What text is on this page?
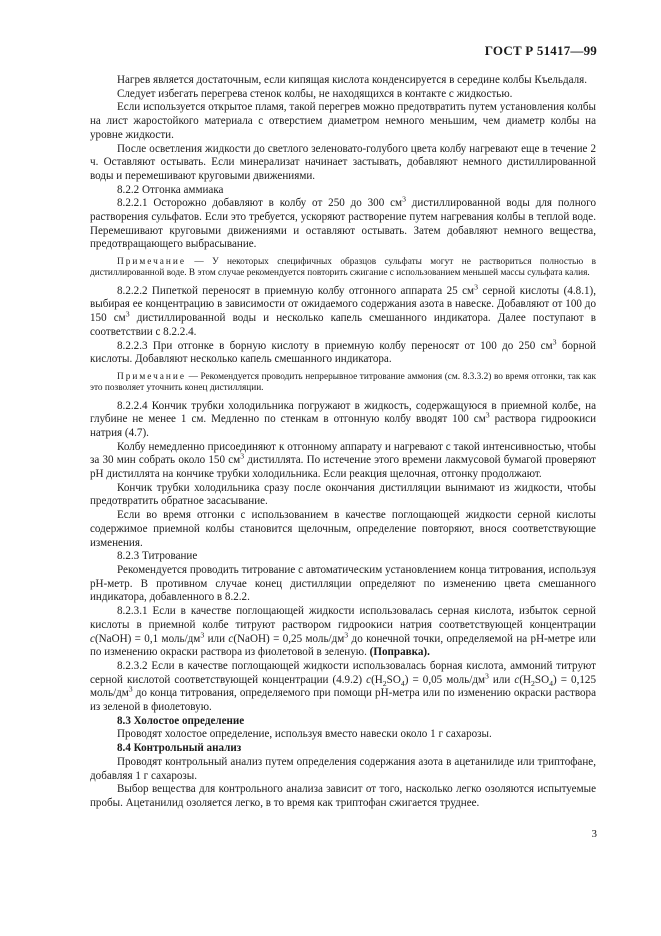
ГОСТ Р 51417—99

Нагрев является достаточным, если кипящая кислота конденсируется в середине колбы Къельдаля.

Следует избегать перегрева стенок колбы, не находящихся в контакте с жидкостью.

Если используется открытое пламя, такой перегрев можно предотвратить путем установления колбы на лист жаростойкого материала с отверстием диаметром немного меньшим, чем диаметр колбы на уровне жидкости.

После осветления жидкости до светлого зеленовато-голубого цвета колбу нагревают еще в течение 2 ч. Оставляют остывать. Если минерализат начинает застывать, добавляют немного дистиллированной воды и перемешивают круговыми движениями.

8.2.2 Отгонка аммиака

8.2.2.1 Осторожно добавляют в колбу от 250 до 300 $см^3$ дистиллированной воды для полного растворения сульфатов. Если это требуется, ускоряют растворение путем нагревания колбы в теплой воде. Перемешивают круговыми движениями и оставляют остывать. Затем добавляют немного вещества, предотвращающего выбрасывание.

Примечание — У некоторых специфичных образцов сульфаты могут не раствориться полностью в дистиллированной воде. В этом случае рекомендуется повторить сжигание с использованием меньшей массы сульфата калия.

8.2.2.2 Пипеткой переносят в приемную колбу отгонного аппарата 25 $см^3$ серной кислоты (4.8.1), выбирая ее концентрацию в зависимости от ожидаемого содержания азота в навеске. Добавляют от 100 до 150 $см^3$ дистиллированной воды и несколько капель смешанного индикатора. Далее поступают в соответствии с 8.2.2.4.

8.2.2.3 При отгонке в борную кислоту в приемную колбу переносят от 100 до 250 $см^3$ борной кислоты. Добавляют несколько капель смешанного индикатора.

Примечание — Рекомендуется проводить непрерывное титрование аммония (см. 8.3.3.2) во время отгонки, так как это позволяет уточнить конец дистилляции.

8.2.2.4 Кончик трубки холодильника погружают в жидкость, содержащуюся в приемной колбе, на глубине не менее 1 см. Медленно по стенкам в отгонную колбу вводят 100 $см^3$ раствора гидроокиси натрия (4.7).

Колбу немедленно присоединяют к отгонному аппарату и нагревают с такой интенсивностью, чтобы за 30 мин собрать около 150 $см^3$ дистиллята. По истечение этого времени лакмусовой бумагой проверяют pH дистиллята на кончике трубки холодильника. Если реакция щелочная, отгонку продолжают.

Кончик трубки холодильника сразу после окончания дистилляции вынимают из жидкости, чтобы предотвратить обратное засасывание.

Если во время отгонки с использованием в качестве поглощающей жидкости серной кислоты содержимое приемной колбы становится щелочным, определение повторяют, внося соответствующие изменения.

8.2.3 Титрование

Рекомендуется проводить титрование с автоматическим установлением конца титрования, используя pH-метр. В противном случае конец дистилляции определяют по изменению цвета смешанного индикатора, добавленного в 8.2.2.

8.2.3.1 Если в качестве поглощающей жидкости использовалась серная кислота, избыток серной кислоты в приемной колбе титруют раствором гидроокиси натрия соответствующей концентрации c(NaOH) = 0,1 моль/$дм^3$ или c(NaOH) = 0,25 моль/$дм^3$ до конечной точки, определяемой на pH-метре или по изменению окраски раствора из фиолетовой в зеленую. (Поправка).

8.2.3.2 Если в качестве поглощающей жидкости использовалась борная кислота, аммоний титруют серной кислотой соответствующей концентрации (4.9.2) $c(H_2SO_4) = 0,05$ моль/$дм^3$ или $c(H_2SO_4) = 0,125$ моль/$дм^3$ до конца титрования, определяемого при помощи pH-метра или по изменению окраски раствора из зеленой в фиолетовую.

8.3 Холостое определение

Проводят холостое определение, используя вместо навески около 1 г сахарозы.

8.4 Контрольный анализ

Проводят контрольный анализ путем определения содержания азота в ацетанилиде или триптофане, добавляя 1 г сахарозы.

Выбор вещества для контрольного анализа зависит от того, насколько легко озоляются испытуемые пробы. Ацетанилид озоляется легко, в то время как триптофан сжигается труднее.

3
